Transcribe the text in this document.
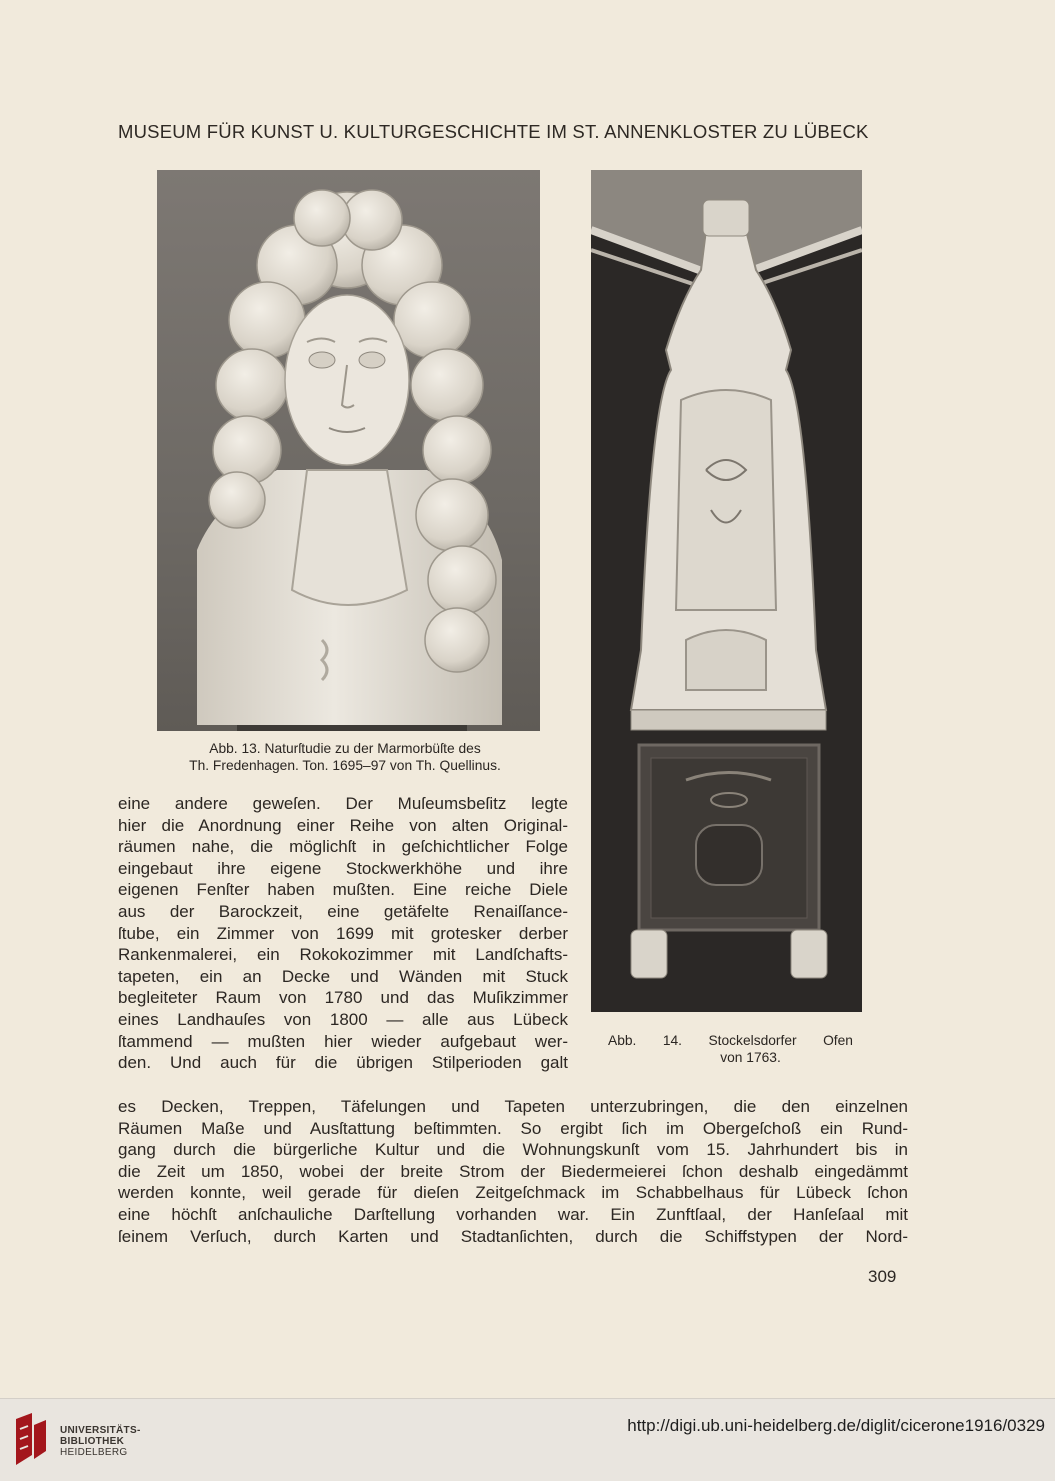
MUSEUM FÜR KUNST U. KULTURGESCHICHTE IM ST. ANNENKLOSTER ZU LÜBECK
Abb. 13. Naturſtudie zu der Marmorbüſte des
Th. Fredenhagen. Ton. 1695–97 von Th. Quellinus.
Abb. 14. Stockelsdorfer Ofen
von 1763.
eine andere geweſen. Der Muſeumsbeſitz legte
hier die Anordnung einer Reihe von alten Original-
räumen nahe, die möglichſt in geſchichtlicher Folge
eingebaut ihre eigene Stockwerkhöhe und ihre
eigenen Fenſter haben mußten. Eine reiche Diele
aus der Barockzeit, eine getäfelte Renaiſſance-
ſtube, ein Zimmer von 1699 mit grotesker derber
Rankenmalerei, ein Rokokozimmer mit Landſchafts-
tapeten, ein an Decke und Wänden mit Stuck
begleiteter Raum von 1780 und das Muſikzimmer
eines Landhauſes von 1800 — alle aus Lübeck
ſtammend — mußten hier wieder aufgebaut wer-
den. Und auch für die übrigen Stilperioden galt
es Decken, Treppen, Täfelungen und Tapeten unterzubringen, die den einzelnen
Räumen Maße und Ausſtattung beſtimmten. So ergibt ſich im Obergeſchoß ein Rund-
gang durch die bürgerliche Kultur und die Wohnungskunſt vom 15. Jahrhundert bis in
die Zeit um 1850, wobei der breite Strom der Biedermeierei ſchon deshalb eingedämmt
werden konnte, weil gerade für dieſen Zeitgeſchmack im Schabbelhaus für Lübeck ſchon
eine höchſt anſchauliche Darſtellung vorhanden war. Ein Zunftſaal, der Hanſeſaal mit
ſeinem Verſuch, durch Karten und Stadtanſichten, durch die Schiffstypen der Nord-
309
UNIVERSITÄTS-
BIBLIOTHEK
HEIDELBERG
http://digi.ub.uni-heidelberg.de/diglit/cicerone1916/0329
